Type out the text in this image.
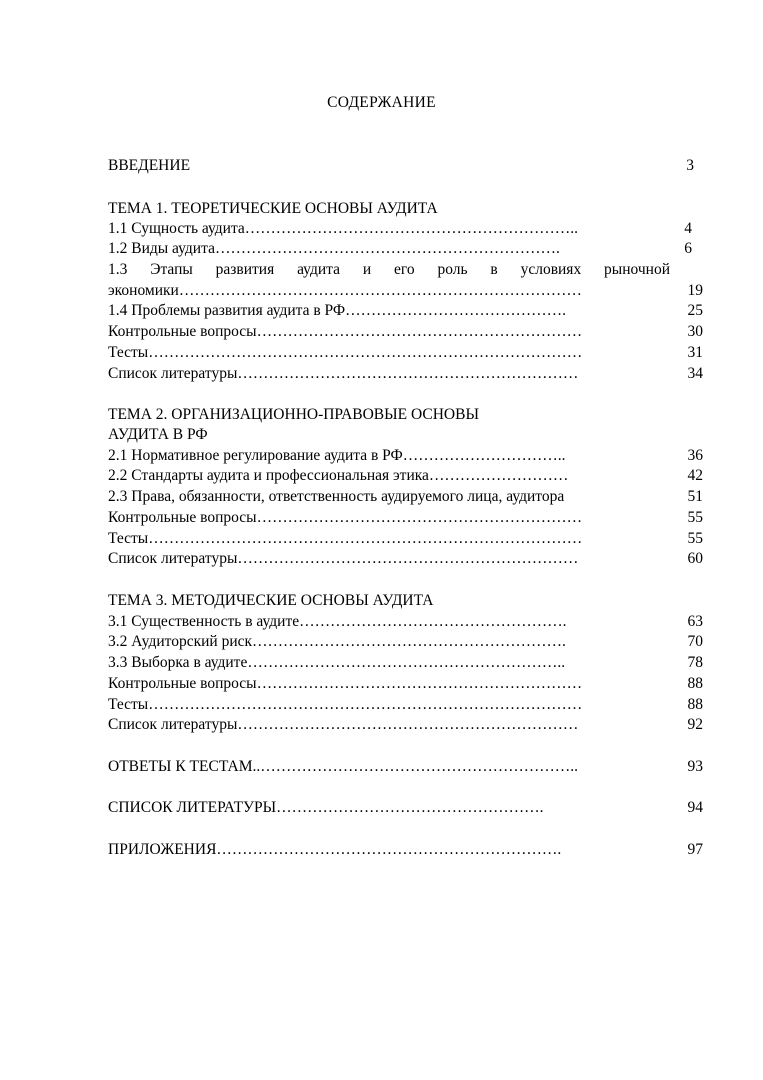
СОДЕРЖАНИЕ
ВВЕДЕНИЕ	3
ТЕМА 1. ТЕОРЕТИЧЕСКИЕ ОСНОВЫ АУДИТА
1.1 Сущность аудита………………………………………………………..	4
1.2 Виды аудита………………………………………………………….	6
1.3 Этапы развития аудита и его роль в условиях рыночной
экономики……………………………………………………………………	19
1.4 Проблемы развития аудита в РФ…………………………………….	25
Контрольные вопросы………………………………………………………	30
Тесты…………………………………………………………………………	31
Список литературы…………………………………………………………	34
ТЕМА 2. ОРГАНИЗАЦИОННО-ПРАВОВЫЕ ОСНОВЫ
АУДИТА В РФ
2.1 Нормативное регулирование аудита в РФ…………………………..	36
2.2 Стандарты аудита и профессиональная этика………………………	42
2.3 Права, обязанности, ответственность аудируемого лица, аудитора	51
Контрольные вопросы………………………………………………………	55
Тесты…………………………………………………………………………	55
Список литературы…………………………………………………………	60
ТЕМА 3. МЕТОДИЧЕСКИЕ ОСНОВЫ АУДИТА
3.1 Существенность в аудите…………………………………………….	63
3.2 Аудиторский риск…………………………………………………….	70
3.3 Выборка в аудите……………………………………………………..	78
Контрольные вопросы………………………………………………………	88
Тесты…………………………………………………………………………	88
Список литературы…………………………………………………………	92
ОТВЕТЫ К ТЕСТАМ..……………………………………………………..	93
СПИСОК ЛИТЕРАТУРЫ…………………………………………….	94
ПРИЛОЖЕНИЯ………………………………………………………….	97
